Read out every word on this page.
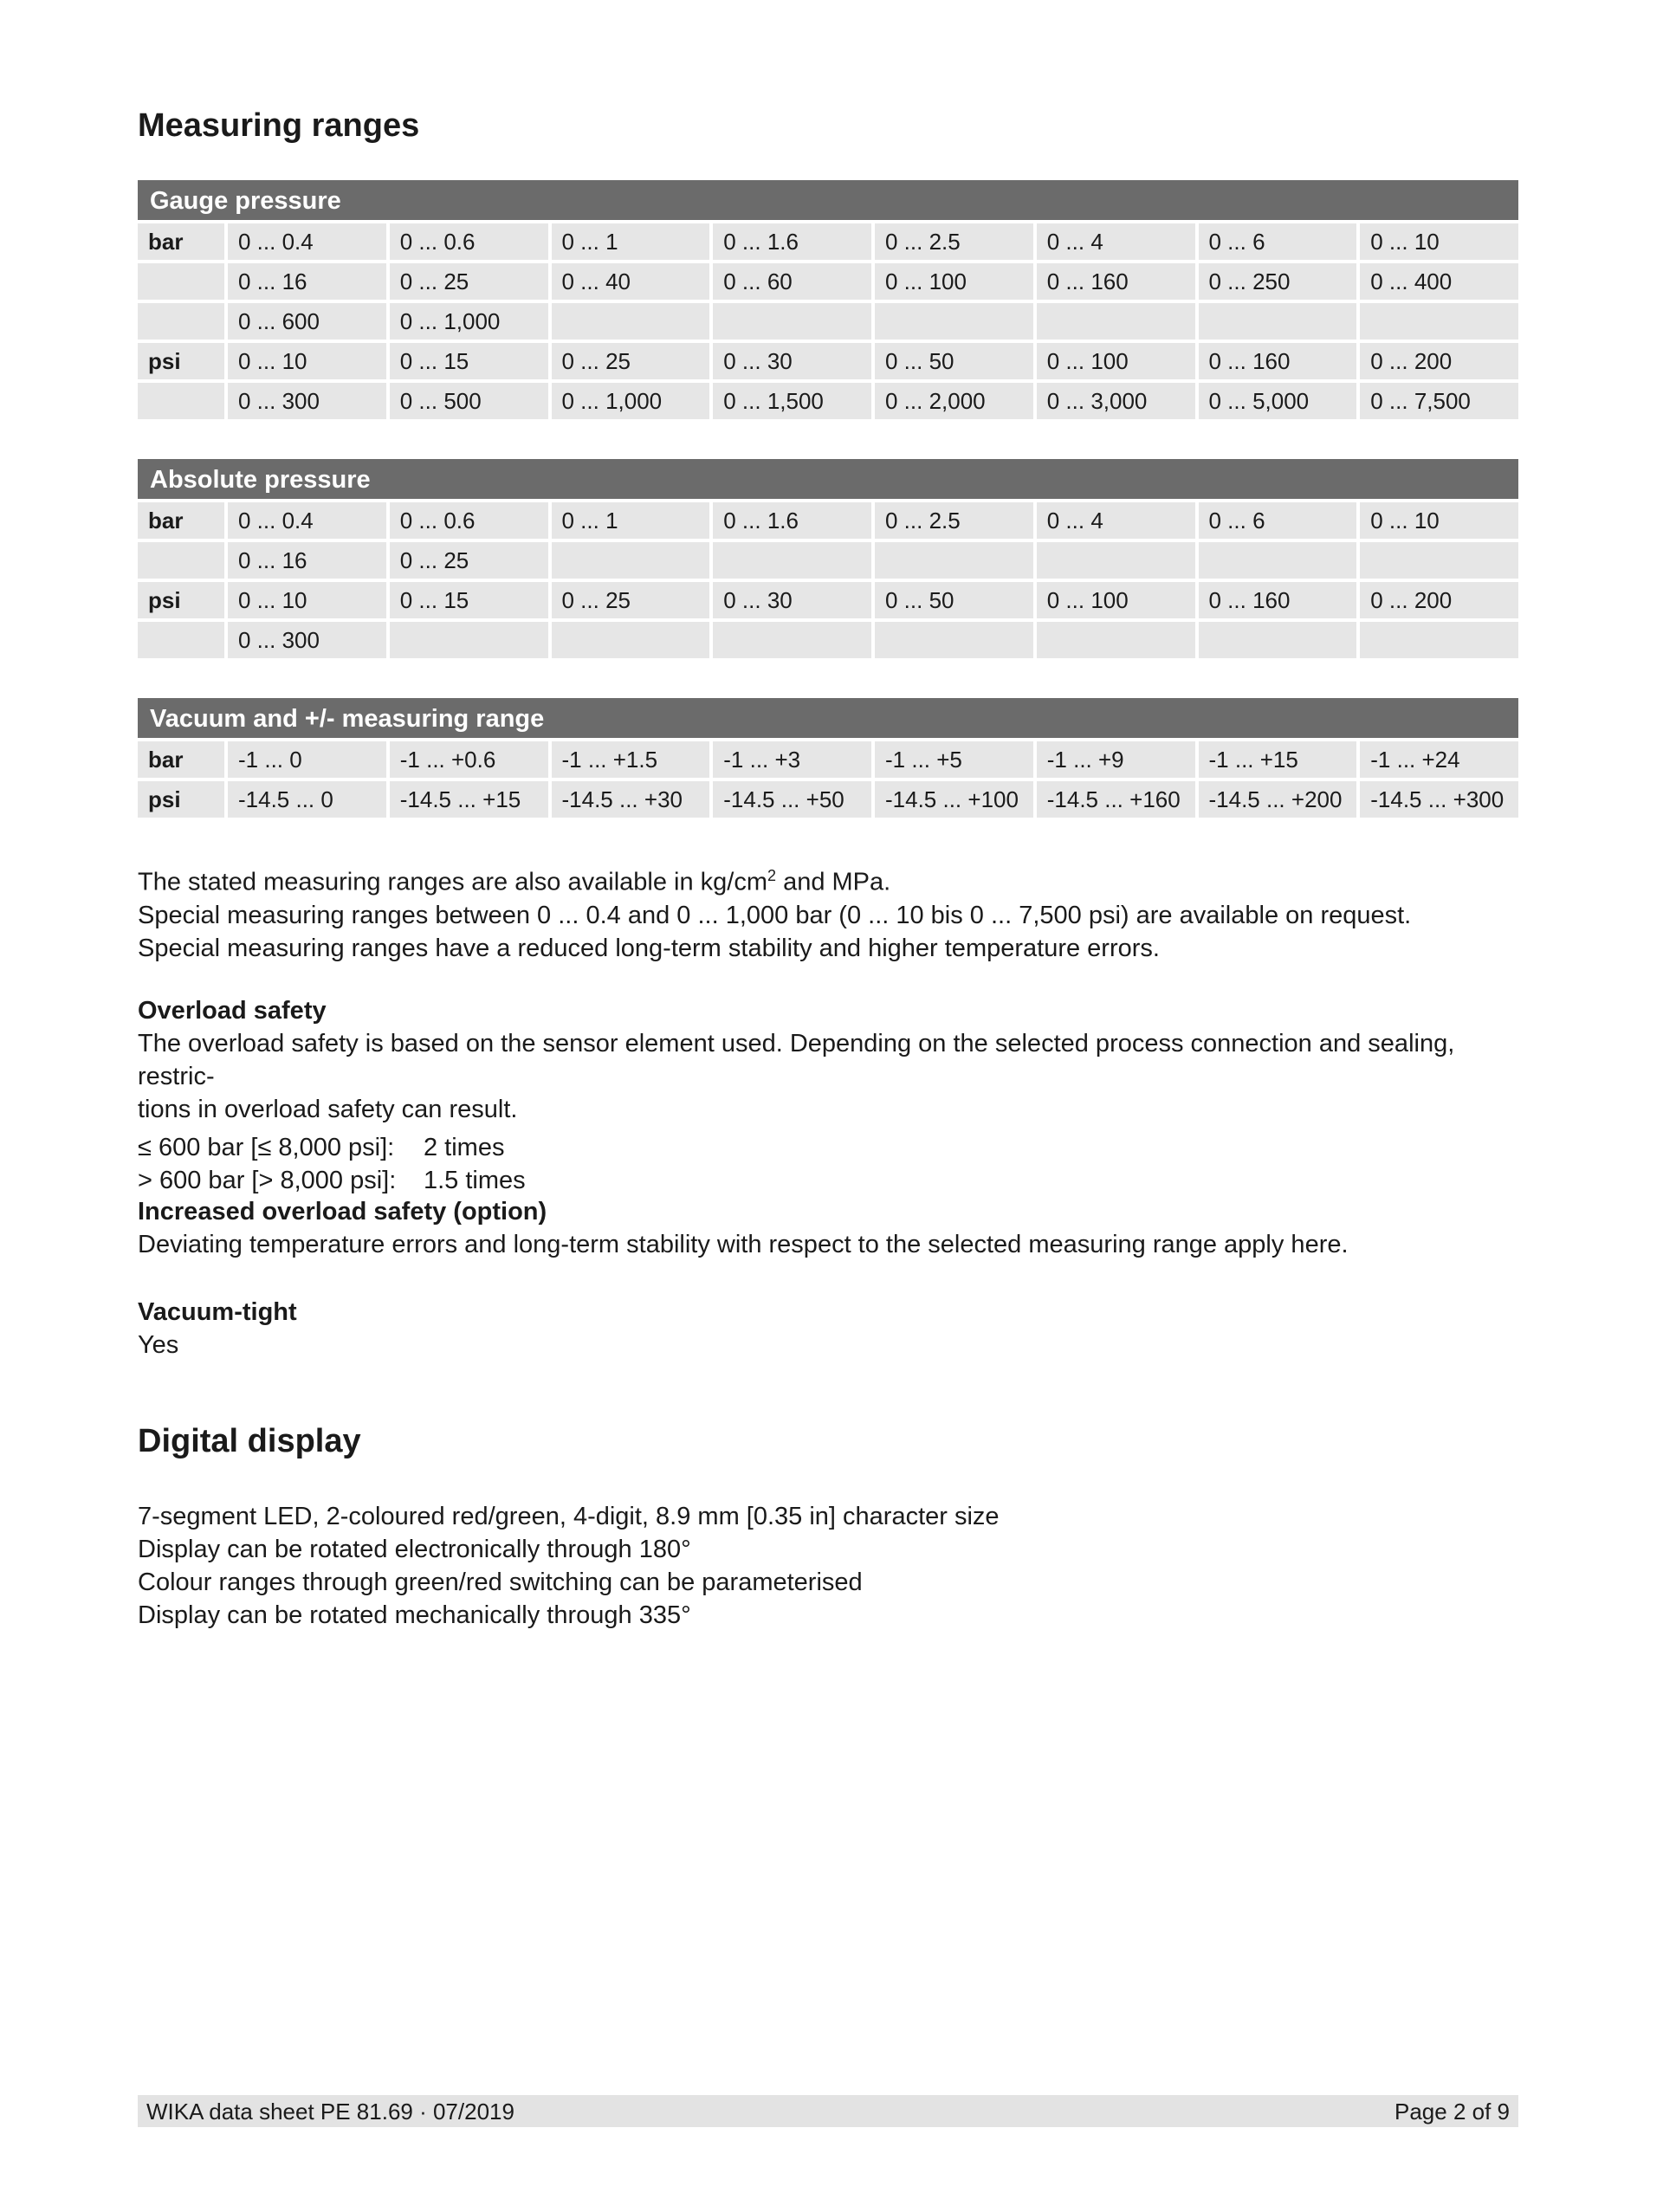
Measuring ranges
Gauge pressure
bar	0 ... 0.4	0 ... 0.6	0 ... 1	0 ... 1.6	0 ... 2.5	0 ... 4	0 ... 6	0 ... 10
	0 ... 16	0 ... 25	0 ... 40	0 ... 60	0 ... 100	0 ... 160	0 ... 250	0 ... 400
	0 ... 600	0 ... 1,000						
psi	0 ... 10	0 ... 15	0 ... 25	0 ... 30	0 ... 50	0 ... 100	0 ... 160	0 ... 200
	0 ... 300	0 ... 500	0 ... 1,000	0 ... 1,500	0 ... 2,000	0 ... 3,000	0 ... 5,000	0 ... 7,500
Absolute pressure
bar	0 ... 0.4	0 ... 0.6	0 ... 1	0 ... 1.6	0 ... 2.5	0 ... 4	0 ... 6	0 ... 10
	0 ... 16	0 ... 25						
psi	0 ... 10	0 ... 15	0 ... 25	0 ... 30	0 ... 50	0 ... 100	0 ... 160	0 ... 200
	0 ... 300							
Vacuum and +/- measuring range
bar	-1 ... 0	-1 ... +0.6	-1 ... +1.5	-1 ... +3	-1 ... +5	-1 ... +9	-1 ... +15	-1 ... +24
psi	-14.5 ... 0	-14.5 ... +15	-14.5 ... +30	-14.5 ... +50	-14.5 ... +100	-14.5 ... +160	-14.5 ... +200	-14.5 ... +300

The stated measuring ranges are also available in $kg/cm^2$ and MPa.

Special measuring ranges between 0 ... 0.4 and 0 ... 1,000 bar (0 ... 10 bis 0 ... 7,500 psi) are available on request.

Special measuring ranges have a reduced long-term stability and higher temperature errors.

Overload safety

The overload safety is based on the sensor element used. Depending on the selected process connection and sealing, restric-

tions in overload safety can result.

≤ 600 bar [≤ 8,000 psi]: 2 times
> 600 bar [> 8,000 psi]: 1.5 times

Increased overload safety (option)

Deviating temperature errors and long-term stability with respect to the selected measuring range apply here.

Vacuum-tight

Yes

Digital display

7-segment LED, 2-coloured red/green, 4-digit, 8.9 mm [0.35 in] character size

Display can be rotated electronically through 180°

Colour ranges through green/red switching can be parameterised

Display can be rotated mechanically through 335°

WIKA data sheet PE 81.69 · 07/2019	Page 2 of 9
